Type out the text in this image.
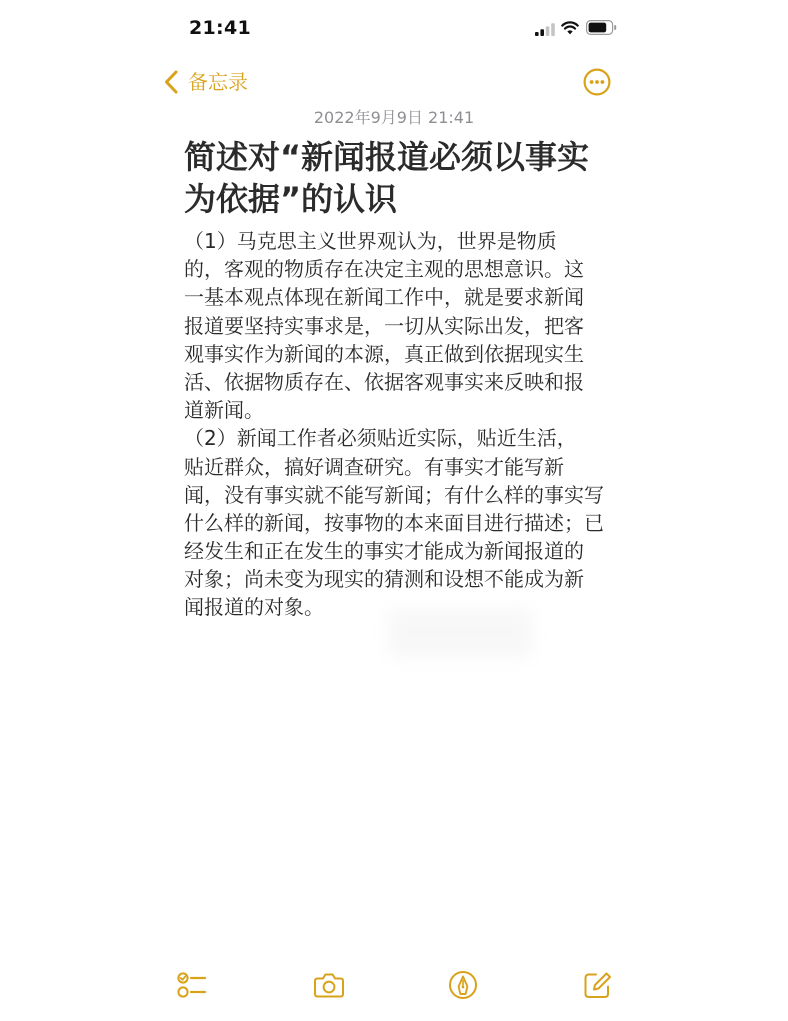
21:41
备忘录
2022年9月9日 21:41
简述对“新闻报道必须以事实
为依据”的认识
（1）马克思主义世界观认为，世界是物质
的，客观的物质存在决定主观的思想意识。这
一基本观点体现在新闻工作中，就是要求新闻
报道要坚持实事求是，一切从实际出发，把客
观事实作为新闻的本源，真正做到依据现实生
活、依据物质存在、依据客观事实来反映和报
道新闻。
（2）新闻工作者必须贴近实际，贴近生活，
贴近群众，搞好调查研究。有事实才能写新
闻，没有事实就不能写新闻；有什么样的事实写
什么样的新闻，按事物的本来面目进行描述；已
经发生和正在发生的事实才能成为新闻报道的
对象；尚未变为现实的猜测和设想不能成为新
闻报道的对象。
